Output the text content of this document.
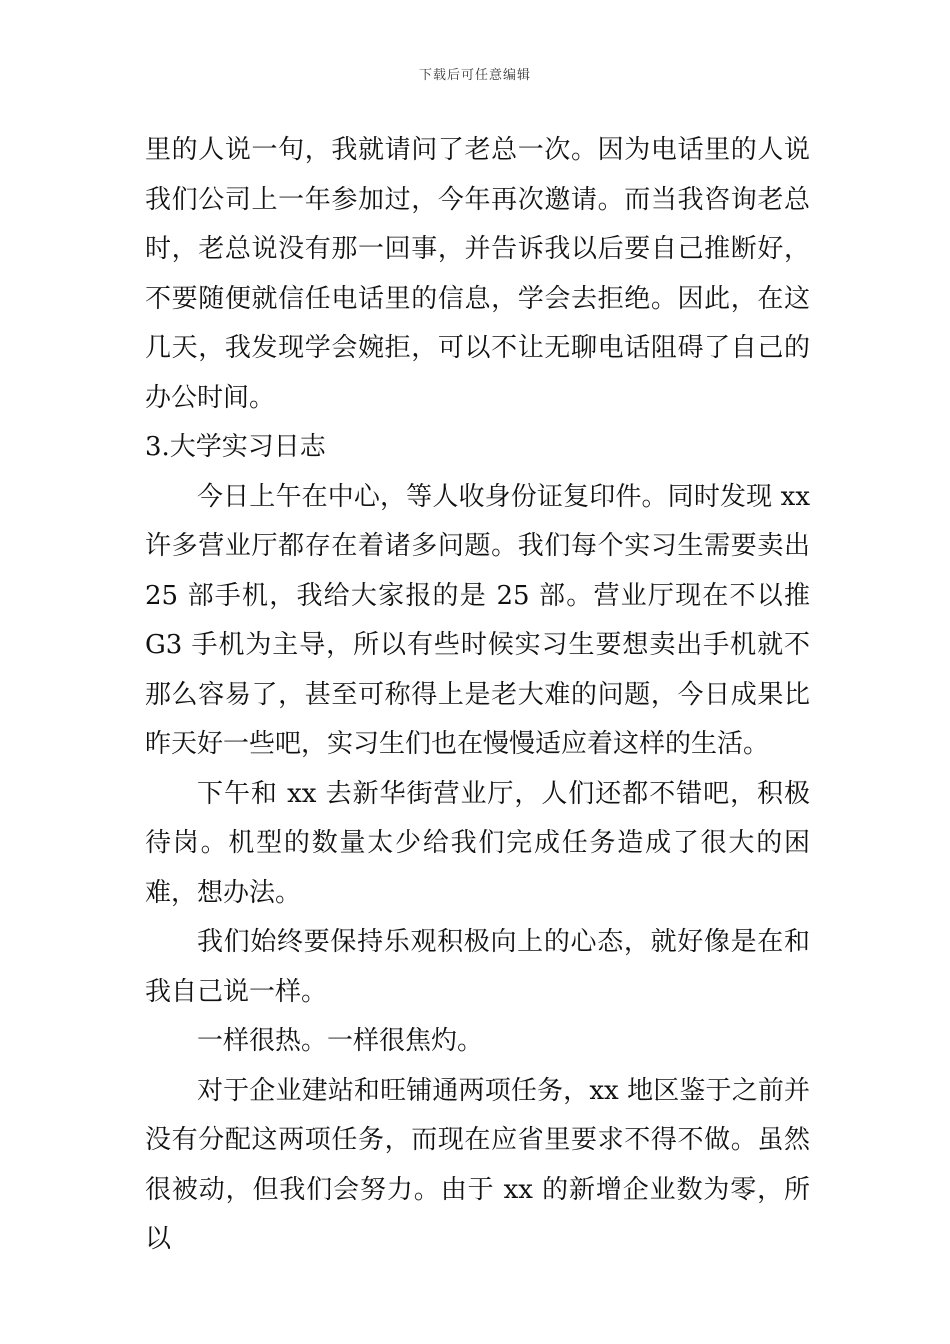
下载后可任意编辑

里的人说一句，我就请问了老总一次。因为电话里的人说我们公司上一年参加过，今年再次邀请。而当我咨询老总时，老总说没有那一回事，并告诉我以后要自己推断好，不要随便就信任电话里的信息，学会去拒绝。因此，在这几天，我发现学会婉拒，可以不让无聊电话阻碍了自己的办公时间。

3.大学实习日志

今日上午在中心，等人收身份证复印件。同时发现 xx 许多营业厅都存在着诸多问题。我们每个实习生需要卖出 25 部手机，我给大家报的是 25 部。营业厅现在不以推 G3 手机为主导，所以有些时候实习生要想卖出手机就不那么容易了，甚至可称得上是老大难的问题，今日成果比昨天好一些吧，实习生们也在慢慢适应着这样的生活。

下午和 xx 去新华街营业厅，人们还都不错吧，积极待岗。机型的数量太少给我们完成任务造成了很大的困难，想办法。

我们始终要保持乐观积极向上的心态，就好像是在和我自己说一样。

一样很热。一样很焦灼。

对于企业建站和旺铺通两项任务，xx 地区鉴于之前并没有分配这两项任务，而现在应省里要求不得不做。虽然很被动，但我们会努力。由于 xx 的新增企业数为零，所以
